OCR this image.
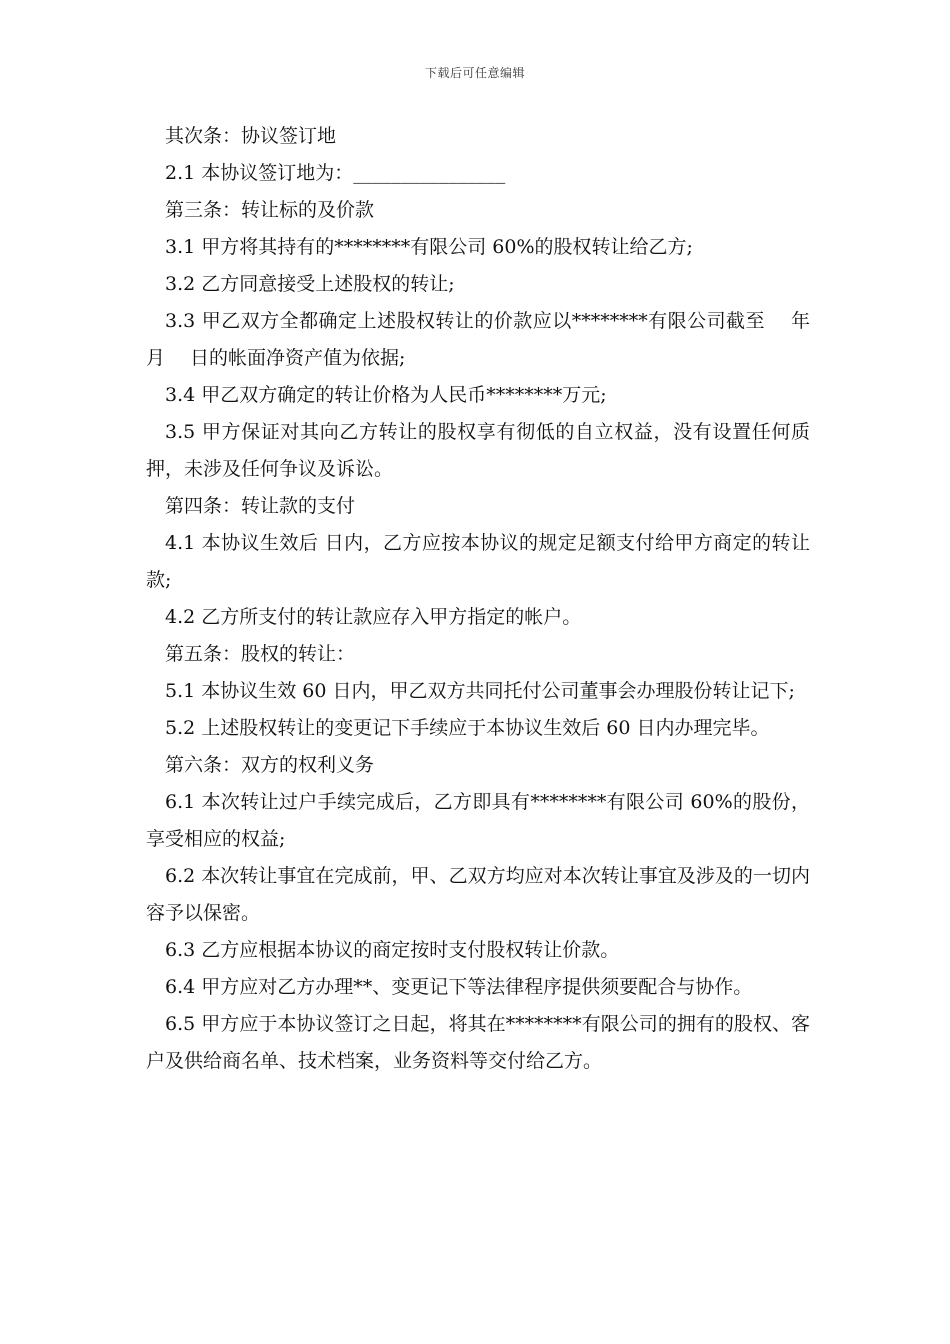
下载后可任意编辑

其次条：协议签订地

2.1 本协议签订地为：________________

第三条：转让标的及价款

3.1 甲方将其持有的********有限公司 60%的股权转让给乙方;

3.2 乙方同意接受上述股权的转让;

3.3 甲乙双方全都确定上述股权转让的价款应以********有限公司截至　 年　 月　 日的帐面净资产值为依据;

3.4 甲乙双方确定的转让价格为人民币********万元;

3.5 甲方保证对其向乙方转让的股权享有彻低的自立权益，没有设置任何质押，未涉及任何争议及诉讼。

第四条：转让款的支付

4.1 本协议生效后 日内，乙方应按本协议的规定足额支付给甲方商定的转让款;

4.2 乙方所支付的转让款应存入甲方指定的帐户。

第五条：股权的转让：

5.1 本协议生效 60 日内，甲乙双方共同托付公司董事会办理股份转让记下;

5.2 上述股权转让的变更记下手续应于本协议生效后 60 日内办理完毕。

第六条：双方的权利义务

6.1 本次转让过户手续完成后，乙方即具有********有限公司 60%的股份，享受相应的权益;

6.2 本次转让事宜在完成前，甲、乙双方均应对本次转让事宜及涉及的一切内容予以保密。

6.3 乙方应根据本协议的商定按时支付股权转让价款。

6.4 甲方应对乙方办理**、变更记下等法律程序提供须要配合与协作。

6.5 甲方应于本协议签订之日起，将其在********有限公司的拥有的股权、客户及供给商名单、技术档案，业务资料等交付给乙方。
